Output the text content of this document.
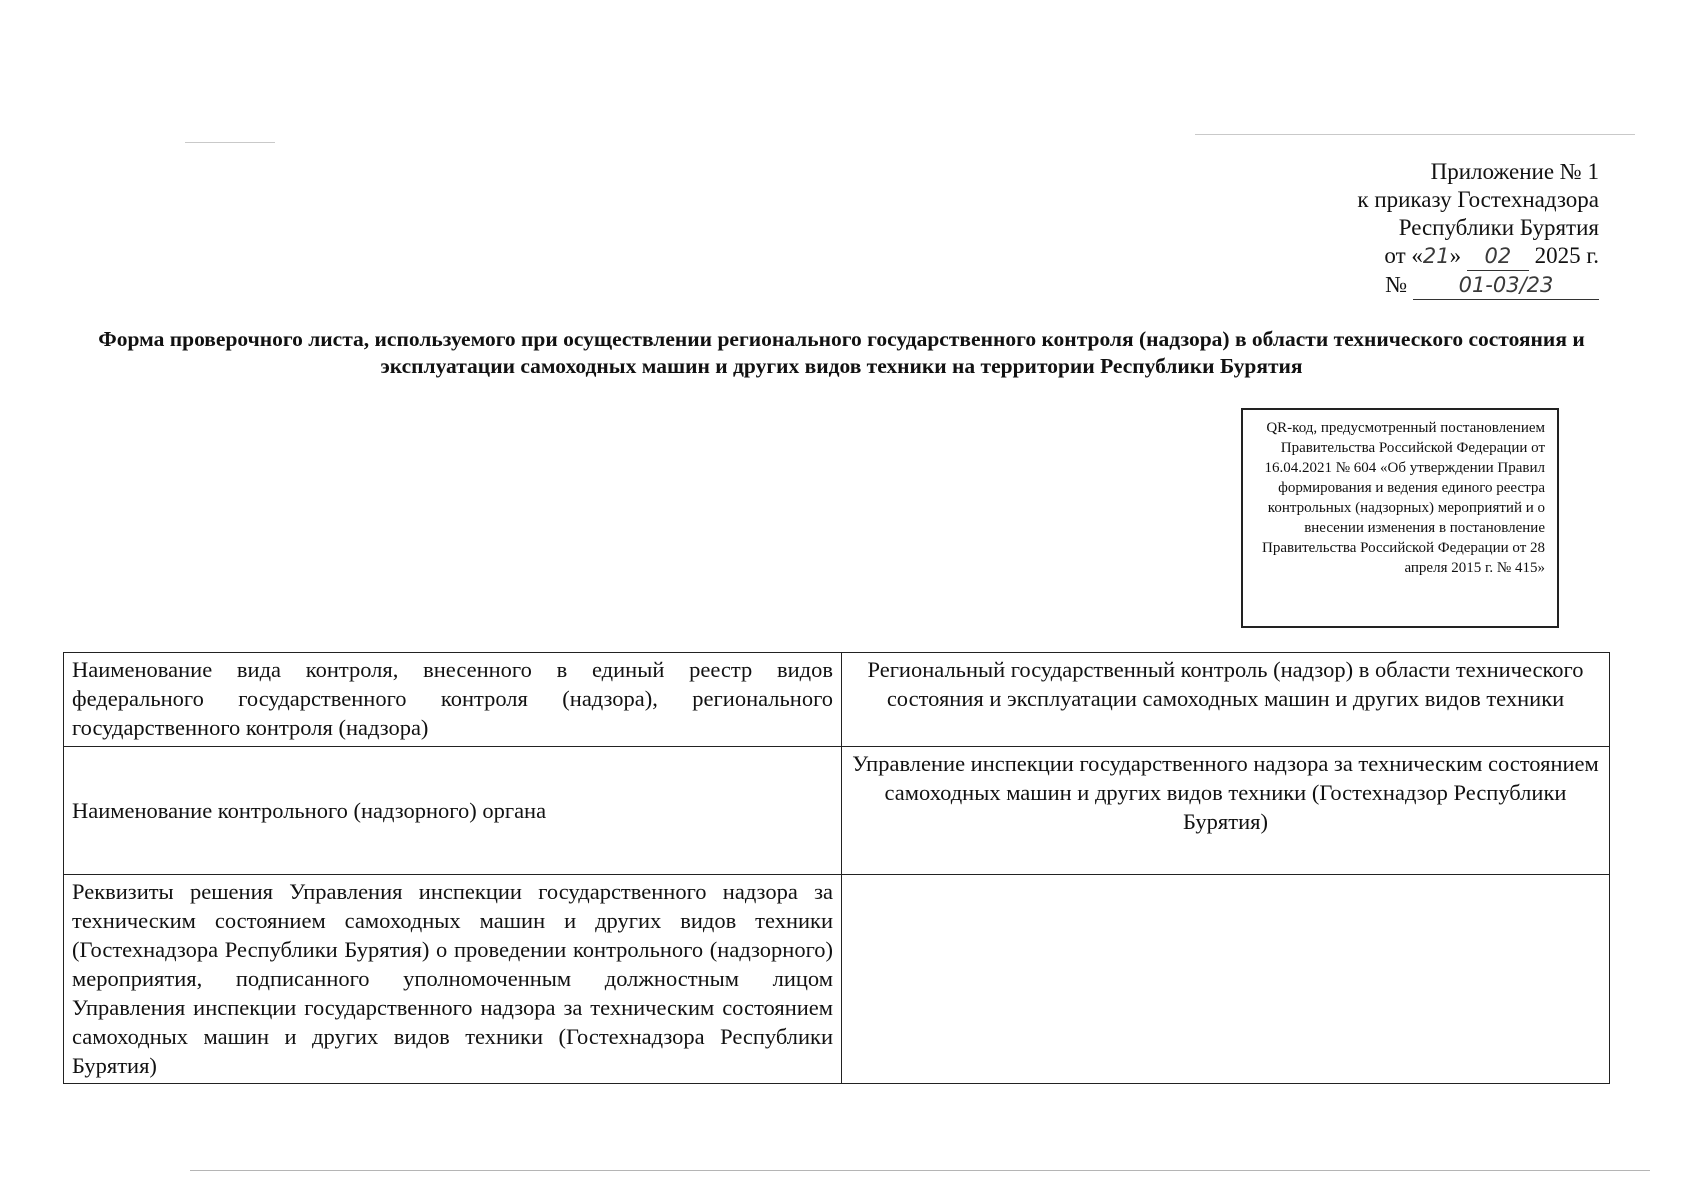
Приложение № 1
к приказу Гостехнадзора
Республики Бурятия
от «21» 02 2025 г.
№ 01-03/23
Форма проверочного листа, используемого при осуществлении регионального государственного контроля (надзора) в области технического состояния и эксплуатации самоходных машин и других видов техники на территории Республики Бурятия
QR-код, предусмотренный постановлением Правительства Российской Федерации от 16.04.2021 № 604 «Об утверждении Правил формирования и ведения единого реестра контрольных (надзорных) мероприятий и о внесении изменения в постановление Правительства Российской Федерации от 28 апреля 2015 г. № 415»
Наименование вида контроля, внесенного в единый реестр видов федерального государственного контроля (надзора), регионального государственного контроля (надзора)	Региональный государственный контроль (надзор) в области технического состояния и эксплуатации самоходных машин и других видов техники
Наименование контрольного (надзорного) органа	Управление инспекции государственного надзора за техническим состоянием самоходных машин и других видов техники (Гостехнадзор Республики Бурятия)
Реквизиты решения Управления инспекции государственного надзора за техническим состоянием самоходных машин и других видов техники (Гостехнадзора Республики Бурятия) о проведении контрольного (надзорного) мероприятия, подписанного уполномоченным должностным лицом Управления инспекции государственного надзора за техническим состоянием самоходных машин и других видов техники (Гостехнадзора Республики Бурятия)	
